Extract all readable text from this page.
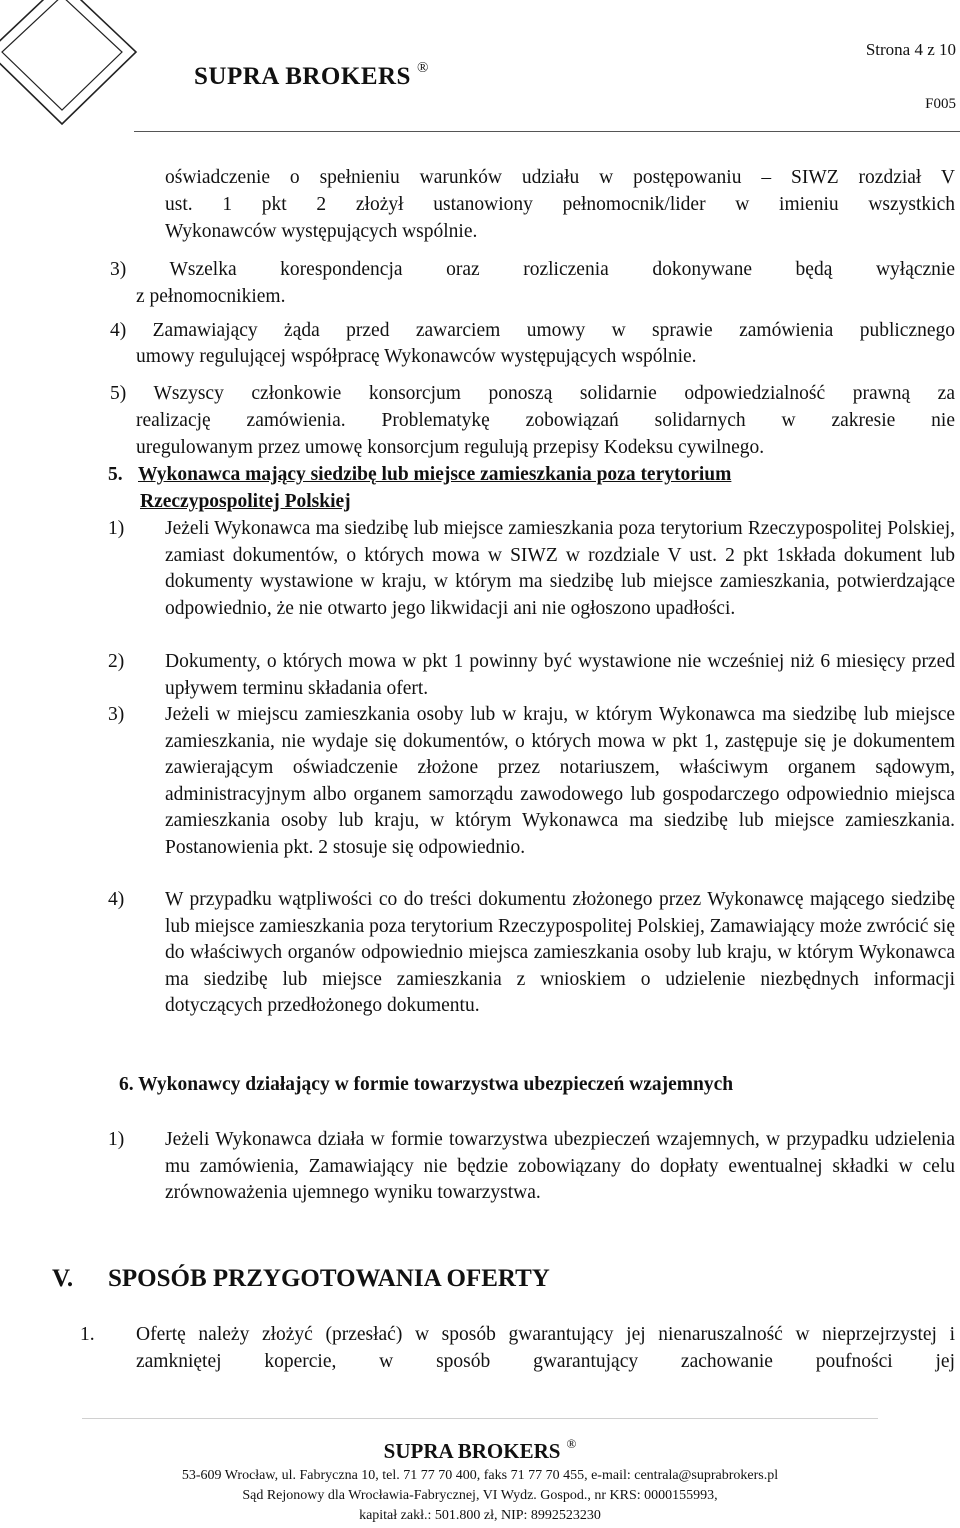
SUPRA BROKERS ®
Strona 4 z 10
F005
oświadczenie o spełnieniu warunków udziału w postępowaniu – SIWZ rozdział V
ust. 1 pkt 2 złożył ustanowiony pełnomocnik/lider w imieniu wszystkich
Wykonawców występujących wspólnie.
3) Wszelka korespondencja oraz rozliczenia dokonywane będą wyłącznie
z pełnomocnikiem.
4) Zamawiający żąda przed zawarciem umowy w sprawie zamówienia publicznego
umowy regulującej współpracę Wykonawców występujących wspólnie.
5) Wszyscy członkowie konsorcjum ponoszą solidarnie odpowiedzialność prawną za
realizację zamówienia. Problematykę zobowiązań solidarnych w zakresie nie
uregulowanym przez umowę konsorcjum regulują przepisy Kodeksu cywilnego.
5. Wykonawca mający siedzibę lub miejsce zamieszkania poza terytorium
Rzeczypospolitej Polskiej
1) Jeżeli Wykonawca ma siedzibę lub miejsce zamieszkania poza terytorium Rzeczypospolitej Polskiej, zamiast dokumentów, o których mowa w SIWZ w rozdziale V ust. 2 pkt 1składa dokument lub dokumenty wystawione w kraju, w którym ma siedzibę lub miejsce zamieszkania, potwierdzające odpowiednio, że nie otwarto jego likwidacji ani nie ogłoszono upadłości.
2) Dokumenty, o których mowa w pkt 1 powinny być wystawione nie wcześniej niż 6 miesięcy przed upływem terminu składania ofert.
3) Jeżeli w miejscu zamieszkania osoby lub w kraju, w którym Wykonawca ma siedzibę lub miejsce zamieszkania, nie wydaje się dokumentów, o których mowa w pkt 1, zastępuje się je dokumentem zawierającym oświadczenie złożone przez notariuszem, właściwym organem sądowym, administracyjnym albo organem samorządu zawodowego lub gospodarczego odpowiednio miejsca zamieszkania osoby lub kraju, w którym Wykonawca ma siedzibę lub miejsce zamieszkania. Postanowienia pkt. 2 stosuje się odpowiednio.
4) W przypadku wątpliwości co do treści dokumentu złożonego przez Wykonawcę mającego siedzibę lub miejsce zamieszkania poza terytorium Rzeczypospolitej Polskiej, Zamawiający może zwrócić się do właściwych organów odpowiednio miejsca zamieszkania osoby lub kraju, w którym Wykonawca ma siedzibę lub miejsce zamieszkania z wnioskiem o udzielenie niezbędnych informacji dotyczących przedłożonego dokumentu.
6. Wykonawcy działający w formie towarzystwa ubezpieczeń wzajemnych
1) Jeżeli Wykonawca działa w formie towarzystwa ubezpieczeń wzajemnych, w przypadku udzielenia mu zamówienia, Zamawiający nie będzie zobowiązany do dopłaty ewentualnej składki w celu zrównoważenia ujemnego wyniku towarzystwa.
V. SPOSÓB PRZYGOTOWANIA OFERTY
1. Ofertę należy złożyć (przesłać) w sposób gwarantujący jej nienaruszalność w nieprzejrzystej i zamkniętej kopercie, w sposób gwarantujący zachowanie poufności jej
SUPRA BROKERS ®
53-609 Wrocław, ul. Fabryczna 10, tel. 71 77 70 400, faks 71 77 70 455, e-mail: centrala@suprabrokers.pl
Sąd Rejonowy dla Wrocławia-Fabrycznej, VI Wydz. Gospod., nr KRS: 0000155993,
kapitał zakł.: 501.800 zł, NIP: 8992523230
